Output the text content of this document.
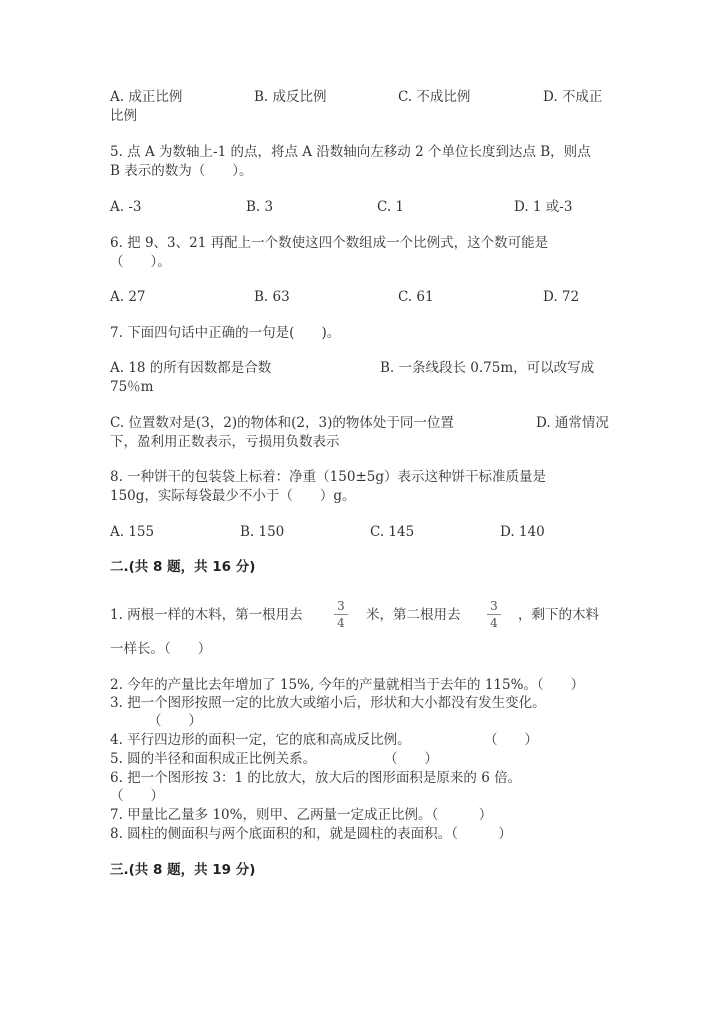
A. 成正比例	B. 成反比例	C. 不成比例	D. 不成正
比例
5. 点 A 为数轴上-1 的点，将点 A 沿数轴向左移动 2 个单位长度到达点 B，则点
B 表示的数为（　　）。
A. -3	B. 3	C. 1	D. 1 或-3
6. 把 9、3、21 再配上一个数使这四个数组成一个比例式，这个数可能是
（　　）。
A. 27	B. 63	C. 61	D. 72
7. 下面四句话中正确的一句是(　　)。
A. 18 的所有因数都是合数	B. 一条线段长 0.75m，可以改写成
75％m
C. 位置数对是(3，2)的物体和(2，3)的物体处于同一位置	D. 通常情况
下，盈利用正数表示，亏损用负数表示
8. 一种饼干的包装袋上标着：净重（150±5g）表示这种饼干标准质量是
150g，实际每袋最少不小于（　　）g。
A. 155	B. 150	C. 145	D. 140
二.(共 8 题，共 16 分)
1. 两根一样的木料，第一根用去
3
4 米，第二根用去
3
4 ，剩下的木料
一样长。（　　）
2. 今年的产量比去年增加了 15%, 今年的产量就相当于去年的 115%。（　　）
3. 把一个图形按照一定的比放大或缩小后，形状和大小都没有发生变化。
（　　）
4. 平行四边形的面积一定，它的底和高成反比例。	（　　）
5. 圆的半径和面积成正比例关系。	（　　）
6. 把一个图形按 3：1 的比放大，放大后的图形面积是原来的 6 倍。
（　　）
7. 甲量比乙量多 10%，则甲、乙两量一定成正比例。（　　　）
8. 圆柱的侧面积与两个底面积的和，就是圆柱的表面积。（　　　）
三.(共 8 题，共 19 分)
